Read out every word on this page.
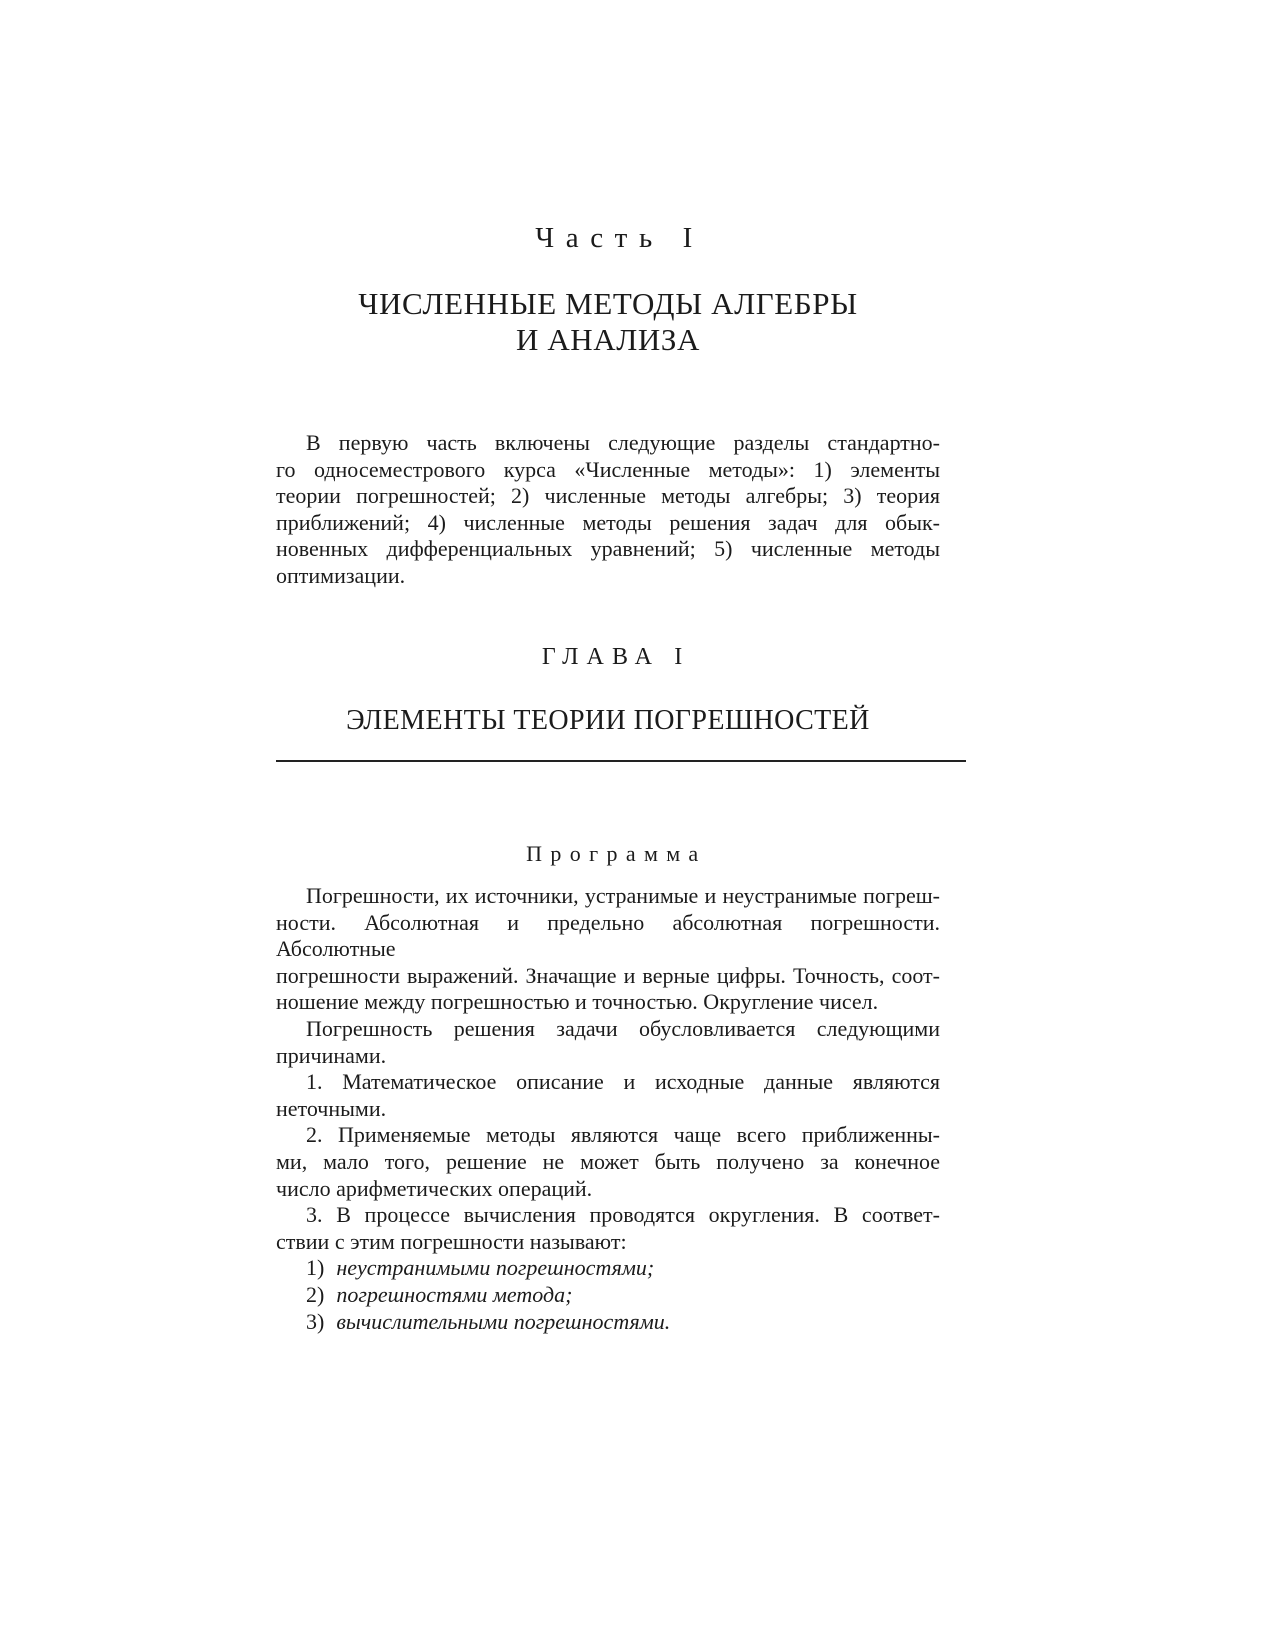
Часть I
ЧИСЛЕННЫЕ МЕТОДЫ АЛГЕБРЫ
И АНАЛИЗА
В первую часть включены следующие разделы стандартно-
го односеместрового курса «Численные методы»: 1) элементы
теории погрешностей; 2) численные методы алгебры; 3) теория
приближений; 4) численные методы решения задач для обык-
новенных дифференциальных уравнений; 5) численные методы
оптимизации.
ГЛАВА I
ЭЛЕМЕНТЫ ТЕОРИИ ПОГРЕШНОСТЕЙ
Программа
Погрешности, их источники, устранимые и неустранимые погреш-
ности. Абсолютная и предельно абсолютная погрешности. Абсолютные
погрешности выражений. Значащие и верные цифры. Точность, соот-
ношение между погрешностью и точностью. Округление чисел.
Погрешность решения задачи обусловливается следующими
причинами.
1. Математическое описание и исходные данные являются
неточными.
2. Применяемые методы являются чаще всего приближенны-
ми, мало того, решение не может быть получено за конечное
число арифметических операций.
3. В процессе вычисления проводятся округления. В соответ-
ствии с этим погрешности называют:
1) неустранимыми погрешностями;
2) погрешностями метода;
3) вычислительными погрешностями.
